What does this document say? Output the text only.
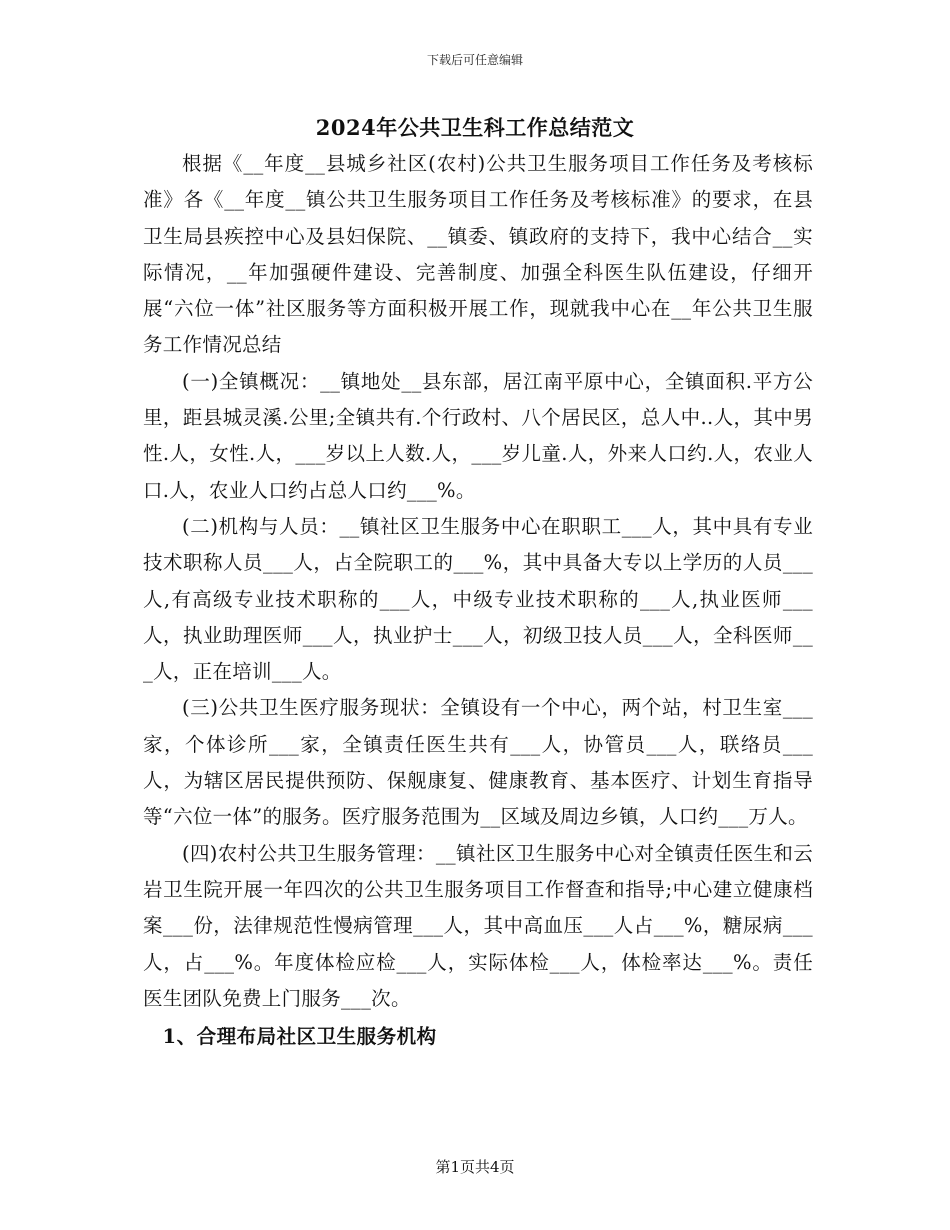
下载后可任意编辑
2024年公共卫生科工作总结范文

根据《__年度__县城乡社区(农村)公共卫生服务项目工作任务及考核标准》各《__年度__镇公共卫生服务项目工作任务及考核标准》的要求，在县卫生局县疾控中心及县妇保院、__镇委、镇政府的支持下，我中心结合__实际情况，__年加强硬件建设、完善制度、加强全科医生队伍建设，仔细开展“六位一体”社区服务等方面积极开展工作，现就我中心在__年公共卫生服务工作情况总结

(一)全镇概况：__镇地处__县东部，居江南平原中心，全镇面积.平方公里，距县城灵溪.公里;全镇共有.个行政村、八个居民区，总人中..人，其中男性.人，女性.人，___岁以上人数.人，___岁儿童.人，外来人口约.人，农业人口.人，农业人口约占总人口约___%。

(二)机构与人员：__镇社区卫生服务中心在职职工___人，其中具有专业技术职称人员___人，占全院职工的___%，其中具备大专以上学历的人员___人,有高级专业技术职称的___人，中级专业技术职称的___人,执业医师___人，执业助理医师___人，执业护士___人，初级卫技人员___人，全科医师___人，正在培训___人。

(三)公共卫生医疗服务现状：全镇设有一个中心，两个站，村卫生室___家，个体诊所___家，全镇责任医生共有___人，协管员___人，联络员___人，为辖区居民提供预防、保舰康复、健康教育、基本医疗、计划生育指导等“六位一体”的服务。医疗服务范围为__区域及周边乡镇，人口约___万人。

(四)农村公共卫生服务管理：__镇社区卫生服务中心对全镇责任医生和云岩卫生院开展一年四次的公共卫生服务项目工作督查和指导;中心建立健康档案___份，法律规范性慢病管理___人，其中高血压___人占___%，糖尿病___人，占___%。年度体检应检___人，实际体检___人，体检率达___%。责任医生团队免费上门服务___次。

1、合理布局社区卫生服务机构

第1页共4页
